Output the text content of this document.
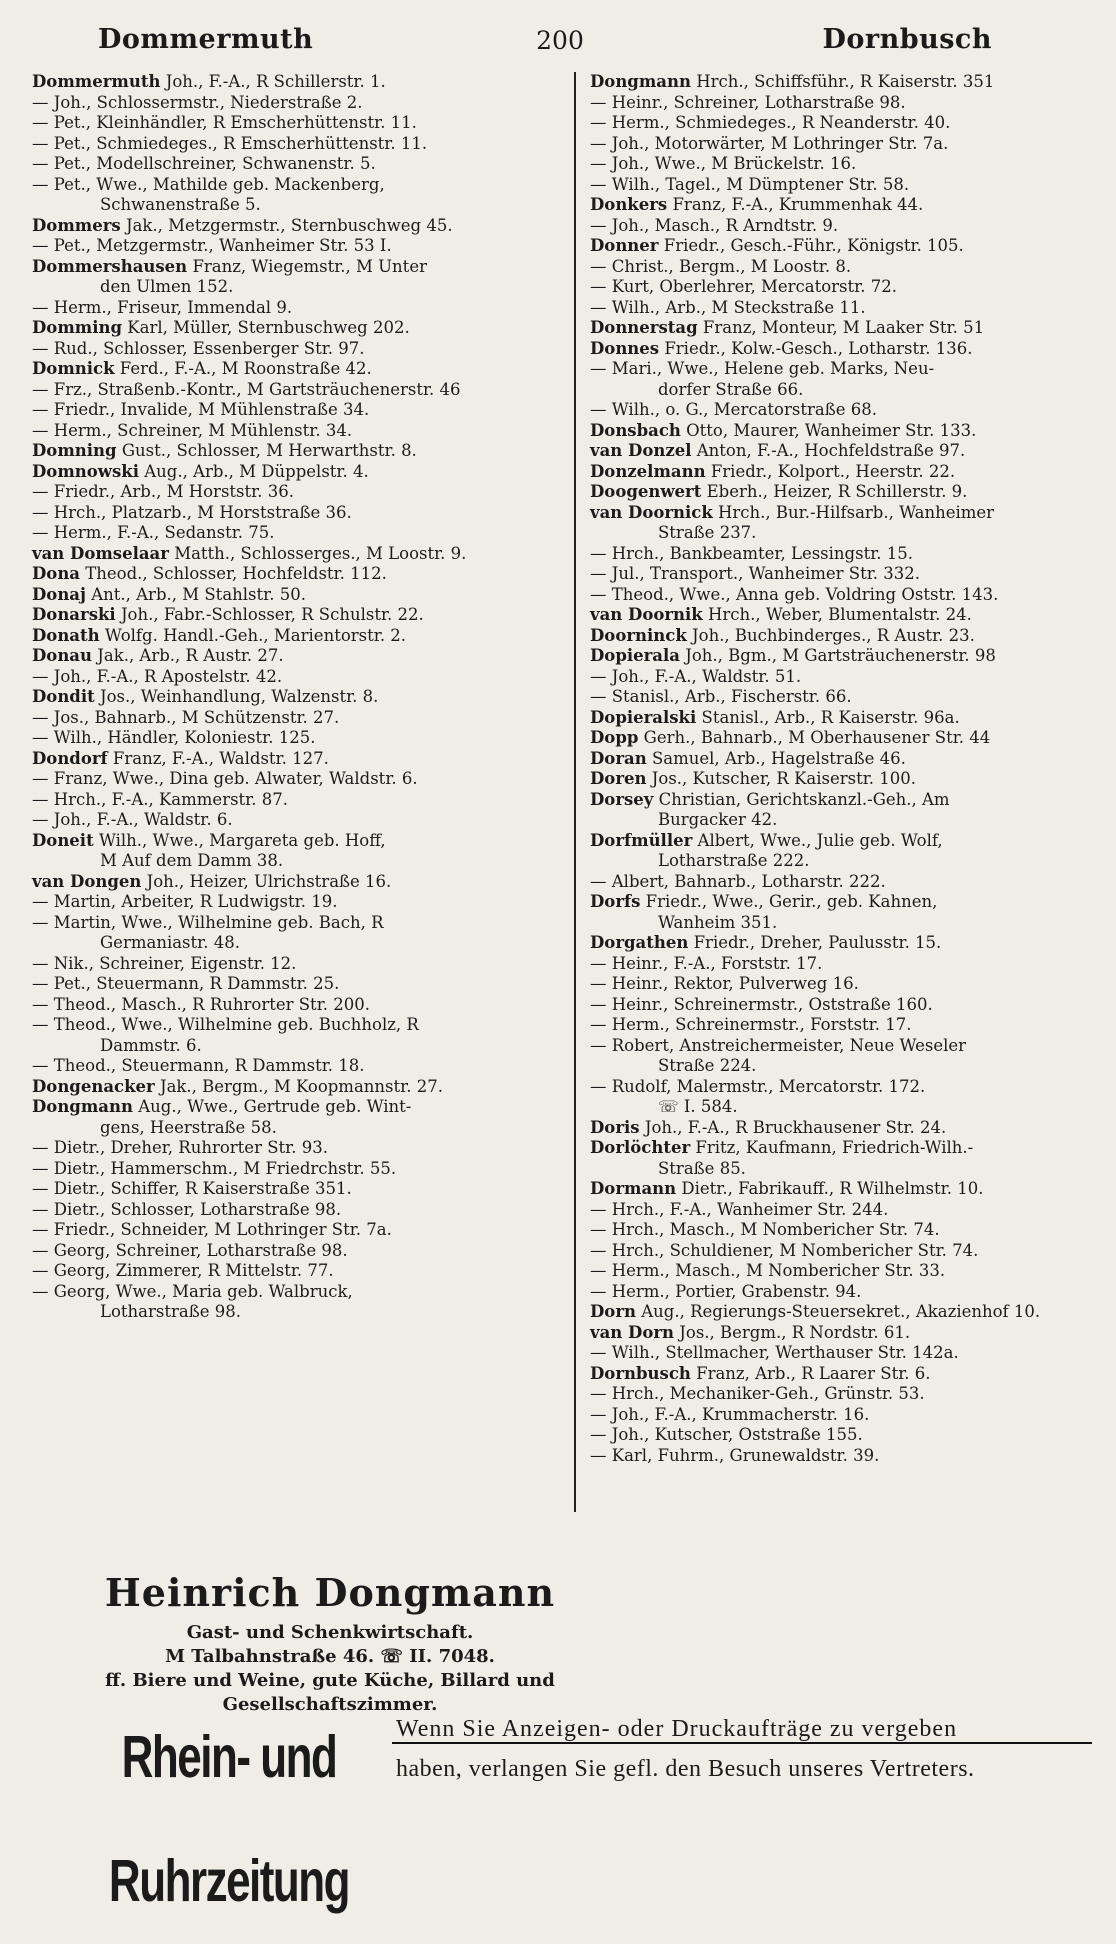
Dommermuth	200	Dornbusch
Dommermuth Joh., F.-A., R Schillerstr. 1.
— Joh., Schlossermstr., Niederstraße 2.
— Pet., Kleinhändler, R Emscherhüttenstr. 11.
— Pet., Schmiedeges., R Emscherhüttenstr. 11.
— Pet., Modellschreiner, Schwanenstr. 5.
— Pet., Wwe., Mathilde geb. Mackenberg,
Schwanenstraße 5.
Dommers Jak., Metzgermstr., Sternbuschweg 45.
— Pet., Metzgermstr., Wanheimer Str. 53 I.
Dommershausen Franz, Wiegemstr., M Unter
den Ulmen 152.
— Herm., Friseur, Immendal 9.
Domming Karl, Müller, Sternbuschweg 202.
— Rud., Schlosser, Essenberger Str. 97.
Domnick Ferd., F.-A., M Roonstraße 42.
— Frz., Straßenb.-Kontr., M Gartsträuchenerstr. 46
— Friedr., Invalide, M Mühlenstraße 34.
— Herm., Schreiner, M Mühlenstr. 34.
Domning Gust., Schlosser, M Herwarthstr. 8.
Domnowski Aug., Arb., M Düppelstr. 4.
— Friedr., Arb., M Horststr. 36.
— Hrch., Platzarb., M Horststraße 36.
— Herm., F.-A., Sedanstr. 75.
van Domselaar Matth., Schlosserges., M Loostr. 9.
Dona Theod., Schlosser, Hochfeldstr. 112.
Donaj Ant., Arb., M Stahlstr. 50.
Donarski Joh., Fabr.-Schlosser, R Schulstr. 22.
Donath Wolfg. Handl.-Geh., Marientorstr. 2.
Donau Jak., Arb., R Austr. 27.
— Joh., F.-A., R Apostelstr. 42.
Dondit Jos., Weinhandlung, Walzenstr. 8.
— Jos., Bahnarb., M Schützenstr. 27.
— Wilh., Händler, Koloniestr. 125.
Dondorf Franz, F.-A., Waldstr. 127.
— Franz, Wwe., Dina geb. Alwater, Waldstr. 6.
— Hrch., F.-A., Kammerstr. 87.
— Joh., F.-A., Waldstr. 6.
Doneit Wilh., Wwe., Margareta geb. Hoff,
M Auf dem Damm 38.
van Dongen Joh., Heizer, Ulrichstraße 16.
— Martin, Arbeiter, R Ludwigstr. 19.
— Martin, Wwe., Wilhelmine geb. Bach, R
Germaniastr. 48.
— Nik., Schreiner, Eigenstr. 12.
— Pet., Steuermann, R Dammstr. 25.
— Theod., Masch., R Ruhrorter Str. 200.
— Theod., Wwe., Wilhelmine geb. Buchholz, R
Dammstr. 6.
— Theod., Steuermann, R Dammstr. 18.
Dongenacker Jak., Bergm., M Koopmannstr. 27.
Dongmann Aug., Wwe., Gertrude geb. Wint-
gens, Heerstraße 58.
— Dietr., Dreher, Ruhrorter Str. 93.
— Dietr., Hammerschm., M Friedrchstr. 55.
— Dietr., Schiffer, R Kaiserstraße 351.
— Dietr., Schlosser, Lotharstraße 98.
— Friedr., Schneider, M Lothringer Str. 7a.
— Georg, Schreiner, Lotharstraße 98.
— Georg, Zimmerer, R Mittelstr. 77.
— Georg, Wwe., Maria geb. Walbruck,
Lotharstraße 98.
Dongmann Hrch., Schiffsführ., R Kaiserstr. 351
— Heinr., Schreiner, Lotharstraße 98.
— Herm., Schmiedeges., R Neanderstr. 40.
— Joh., Motorwärter, M Lothringer Str. 7a.
— Joh., Wwe., M Brückelstr. 16.
— Wilh., Tagel., M Dümptener Str. 58.
Donkers Franz, F.-A., Krummenhak 44.
— Joh., Masch., R Arndtstr. 9.
Donner Friedr., Gesch.-Führ., Königstr. 105.
— Christ., Bergm., M Loostr. 8.
— Kurt, Oberlehrer, Mercatorstr. 72.
— Wilh., Arb., M Steckstraße 11.
Donnerstag Franz, Monteur, M Laaker Str. 51
Donnes Friedr., Kolw.-Gesch., Lotharstr. 136.
— Mari., Wwe., Helene geb. Marks, Neu-
dorfer Straße 66.
— Wilh., o. G., Mercatorstraße 68.
Donsbach Otto, Maurer, Wanheimer Str. 133.
van Donzel Anton, F.-A., Hochfeldstraße 97.
Donzelmann Friedr., Kolport., Heerstr. 22.
Doogenwert Eberh., Heizer, R Schillerstr. 9.
van Doornick Hrch., Bur.-Hilfsarb., Wanheimer
Straße 237.
— Hrch., Bankbeamter, Lessingstr. 15.
— Jul., Transport., Wanheimer Str. 332.
— Theod., Wwe., Anna geb. Voldring Oststr. 143.
van Doornik Hrch., Weber, Blumentalstr. 24.
Doorninck Joh., Buchbinderges., R Austr. 23.
Dopierala Joh., Bgm., M Gartsträuchenerstr. 98
— Joh., F.-A., Waldstr. 51.
— Stanisl., Arb., Fischerstr. 66.
Dopieralski Stanisl., Arb., R Kaiserstr. 96a.
Dopp Gerh., Bahnarb., M Oberhausener Str. 44
Doran Samuel, Arb., Hagelstraße 46.
Doren Jos., Kutscher, R Kaiserstr. 100.
Dorsey Christian, Gerichtskanzl.-Geh., Am
Burgacker 42.
Dorfmüller Albert, Wwe., Julie geb. Wolf,
Lotharstraße 222.
— Albert, Bahnarb., Lotharstr. 222.
Dorfs Friedr., Wwe., Gerir., geb. Kahnen,
Wanheim 351.
Dorgathen Friedr., Dreher, Paulusstr. 15.
— Heinr., F.-A., Forststr. 17.
— Heinr., Rektor, Pulverweg 16.
— Heinr., Schreinermstr., Oststraße 160.
— Herm., Schreinermstr., Forststr. 17.
— Robert, Anstreichermeister, Neue Weseler
Straße 224.
— Rudolf, Malermstr., Mercatorstr. 172.
☏ I. 584.
Doris Joh., F.-A., R Bruckhausener Str. 24.
Dorlöchter Fritz, Kaufmann, Friedrich-Wilh.-
Straße 85.
Dormann Dietr., Fabrikauff., R Wilhelmstr. 10.
— Hrch., F.-A., Wanheimer Str. 244.
— Hrch., Masch., M Nombericher Str. 74.
— Hrch., Schuldiener, M Nombericher Str. 74.
— Herm., Masch., M Nombericher Str. 33.
— Herm., Portier, Grabenstr. 94.
Dorn Aug., Regierungs-Steuersekret., Akazienhof 10.
van Dorn Jos., Bergm., R Nordstr. 61.
— Wilh., Stellmacher, Werthauser Str. 142a.
Dornbusch Franz, Arb., R Laarer Str. 6.
— Hrch., Mechaniker-Geh., Grünstr. 53.
— Joh., F.-A., Krummacherstr. 16.
— Joh., Kutscher, Oststraße 155.
— Karl, Fuhrm., Grunewaldstr. 39.
Heinrich Dongmann
Gast- und Schenkwirtschaft.
M Talbahnstraße 46. ☏ II. 7048.
ff. Biere und Weine, gute Küche, Billard und
Gesellschaftszimmer.
Rhein- und Ruhrzeitung
Wenn Sie Anzeigen- oder Druckaufträge zu vergeben
haben, verlangen Sie gefl. den Besuch unseres Vertreters.
